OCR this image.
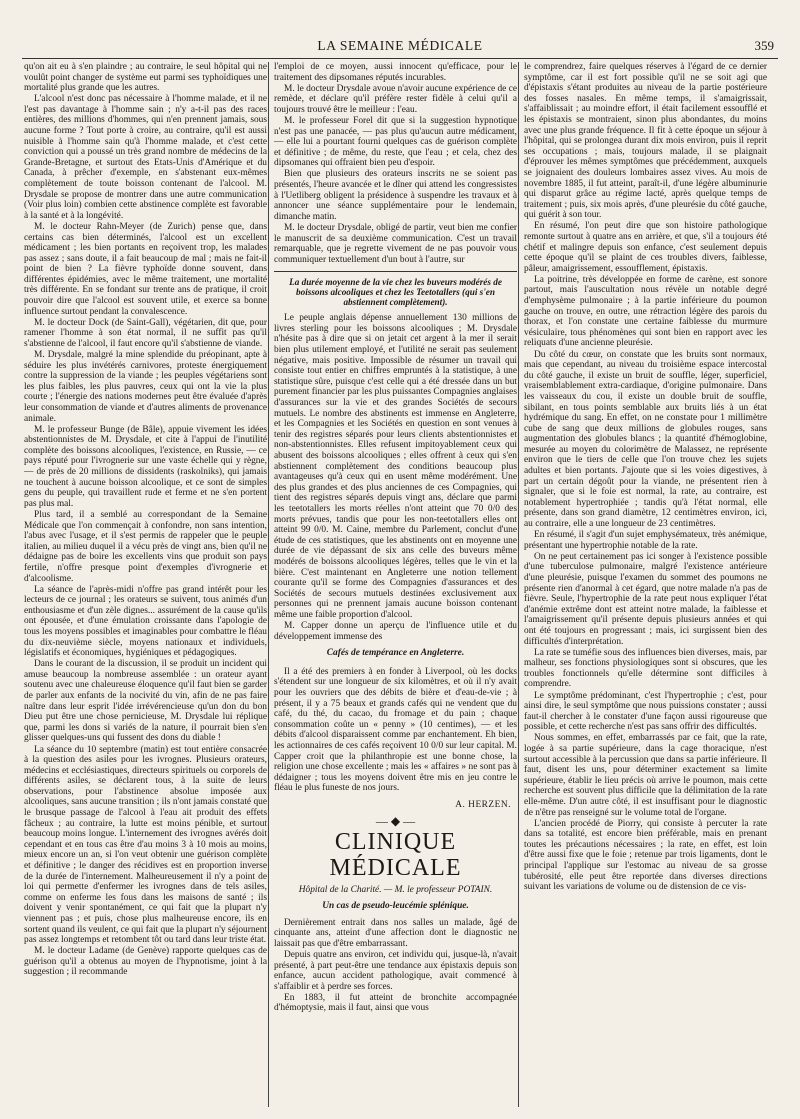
LA SEMAINE MÉDICALE	359

qu'on ait eu à s'en plaindre ; au contraire, le seul hôpital qui ne voulût point changer de système eut parmi ses typhoïdiques une mortalité plus grande que les autres.

L'alcool n'est donc pas nécessaire à l'homme malade, et il ne l'est pas davantage à l'homme sain ; n'y a-t-il pas des races entières, des millions d'hommes, qui n'en prennent jamais, sous aucune forme ? Tout porte à croire, au contraire, qu'il est aussi nuisible à l'homme sain qu'à l'homme malade, et c'est cette conviction qui a poussé un très grand nombre de médecins de la Grande-Bretagne, et surtout des Etats-Unis d'Amérique et du Canada, à prêcher d'exemple, en s'abstenant eux-mêmes complètement de toute boisson contenant de l'alcool. M. Drysdale se propose de montrer dans une autre communication (Voir plus loin) combien cette abstinence complète est favorable à la santé et à la longévité.

M. le docteur Rahn-Meyer (de Zurich) pense que, dans certains cas bien déterminés, l'alcool est un excellent médicament ; les bien portants en reçoivent trop, les malades pas assez ; sans doute, il a fait beaucoup de mal ; mais ne fait-il point de bien ? La fièvre typhoïde donne souvent, dans différentes épidémies, avec le même traitement, une mortalité très différente. En se fondant sur trente ans de pratique, il croit pouvoir dire que l'alcool est souvent utile, et exerce sa bonne influence surtout pendant la convalescence.

M. le docteur Dock (de Saint-Gall), végétarien, dit que, pour ramener l'homme à son état normal, il ne suffit pas qu'il s'abstienne de l'alcool, il faut encore qu'il s'abstienne de viande.

M. Drysdale, malgré la mine splendide du préopinant, apte à séduire les plus invétérés carnivores, proteste énergiquement contre la suppression de la viande ; les peuples végétariens sont les plus faibles, les plus pauvres, ceux qui ont la vie la plus courte ; l'énergie des nations modernes peut être évaluée d'après leur consommation de viande et d'autres aliments de provenance animale.

M. le professeur Bunge (de Bâle), appuie vivement les idées abstentionnistes de M. Drysdale, et cite à l'appui de l'inutilité complète des boissons alcooliques, l'existence, en Russie, — ce pays réputé pour l'ivrognerie sur une vaste échelle qui y règne, — de près de 20 millions de dissidents (raskolniks), qui jamais ne touchent à aucune boisson alcoolique, et ce sont de simples gens du peuple, qui travaillent rude et ferme et ne s'en portent pas plus mal.

Plus tard, il a semblé au correspondant de la Semaine Médicale que l'on commençait à confondre, non sans intention, l'abus avec l'usage, et il s'est permis de rappeler que le peuple italien, au milieu duquel il a vécu près de vingt ans, bien qu'il ne dédaigne pas de boire les excellents vins que produit son pays fertile, n'offre presque point d'exemples d'ivrognerie et d'alcoolisme.

La séance de l'après-midi n'offre pas grand intérêt pour les lecteurs de ce journal ; les orateurs se suivent, tous animés d'un enthousiasme et d'un zèle dignes... assurément de la cause qu'ils ont épousée, et d'une émulation croissante dans l'apologie de tous les moyens possibles et imaginables pour combattre le fléau du dix-neuvième siècle, moyens nationaux et individuels, législatifs et économiques, hygiéniques et pédagogiques.

Dans le courant de la discussion, il se produit un incident qui amuse beaucoup la nombreuse assemblée : un orateur ayant soutenu avec une chaleureuse éloquence qu'il faut bien se garder de parler aux enfants de la nocivité du vin, afin de ne pas faire naître dans leur esprit l'idée irrévérencieuse qu'un don du bon Dieu put être une chose pernicieuse, M. Drysdale lui réplique que, parmi les dons si variés de la nature, il pourrait bien s'en glisser quelques-uns qui fussent des dons du diable !

La séance du 10 septembre (matin) est tout entière consacrée à la question des asiles pour les ivrognes. Plusieurs orateurs, médecins et ecclésiastiques, directeurs spirituels ou corporels de différents asiles, se déclarent tous, à la suite de leurs observations, pour l'abstinence absolue imposée aux alcooliques, sans aucune transition ; ils n'ont jamais constaté que le brusque passage de l'alcool à l'eau ait produit des effets fâcheux ; au contraire, la lutte est moins pénible, et surtout beaucoup moins longue. L'internement des ivrognes avérés doit cependant et en tous cas être d'au moins 3 à 10 mois au moins, mieux encore un an, si l'on veut obtenir une guérison complète et définitive ; le danger des récidives est en proportion inverse de la durée de l'internement. Malheureusement il n'y a point de loi qui permette d'enfermer les ivrognes dans de tels asiles, comme on enferme les fous dans les maisons de santé ; ils doivent y venir spontanément, ce qui fait que la plupart n'y viennent pas ; et puis, chose plus malheureuse encore, ils en sortent quand ils veulent, ce qui fait que la plupart n'y séjournent pas assez longtemps et retombent tôt ou tard dans leur triste état.

M. le docteur Ladame (de Genève) rapporte quelques cas de guérison qu'il a obtenus au moyen de l'hypnotisme, joint à la suggestion ; il recommande

l'emploi de ce moyen, aussi innocent qu'efficace, pour le traitement des dipsomanes réputés incurables.

M. le docteur Drysdale avoue n'avoir aucune expérience de ce remède, et déclare qu'il préfère rester fidèle à celui qu'il a toujours trouvé être le meilleur : l'eau.

M. le professeur Forel dit que si la suggestion hypnotique n'est pas une panacée, — pas plus qu'aucun autre médicament, — elle lui a pourtant fourni quelques cas de guérison complète et définitive ; de même, du reste, que l'eau ; et cela, chez des dipsomanes qui offraient bien peu d'espoir.

Bien que plusieurs des orateurs inscrits ne se soient pas présentés, l'heure avancée et le dîner qui attend les congressistes à l'Uetliberg obligent la présidence à suspendre les travaux et à annoncer une séance supplémentaire pour le lendemain, dimanche matin.

M. le docteur Drysdale, obligé de partir, veut bien me confier le manuscrit de sa deuxième communication. C'est un travail remarquable, que je regrette vivement de ne pas pouvoir vous communiquer textuellement d'un bout à l'autre, sur

La durée moyenne de la vie chez les buveurs modérés de boissons alcooliques et chez les Teetotallers (qui s'en abstiennent complètement).

Le peuple anglais dépense annuellement 130 millions de livres sterling pour les boissons alcooliques ; M. Drysdale n'hésite pas à dire que si on jetait cet argent à la mer il serait bien plus utilement employé, et l'utilité ne serait pas seulement négative, mais positive. Impossible de résumer un travail qui consiste tout entier en chiffres empruntés à la statistique, à une statistique sûre, puisque c'est celle qui a été dressée dans un but purement financier par les plus puissantes Compagnies anglaises d'assurances sur la vie et des grandes Sociétés de secours mutuels. Le nombre des abstinents est immense en Angleterre, et les Compagnies et les Sociétés en question en sont venues à tenir des registres séparés pour leurs clients abstentionnistes et non-abstentionnistes. Elles refusent impitoyablement ceux qui abusent des boissons alcooliques ; elles offrent à ceux qui s'en abstiennent complètement des conditions beaucoup plus avantageuses qu'à ceux qui en usent même modérément. Une des plus grandes et des plus anciennes de ces Compagnies, qui tient des registres séparés depuis vingt ans, déclare que parmi les teetotallers les morts réelles n'ont atteint que 70 0/0 des morts prévues, tandis que pour les non-teetotallers elles ont atteint 99 0/0. M. Caine, membre du Parlement, conclut d'une étude de ces statistiques, que les abstinents ont en moyenne une durée de vie dépassant de six ans celle des buveurs même modérés de boissons alcooliques légères, telles que le vin et la bière. C'est maintenant en Angleterre une notion tellement courante qu'il se forme des Compagnies d'assurances et des Sociétés de secours mutuels destinées exclusivement aux personnes qui ne prennent jamais aucune boisson contenant même une faible proportion d'alcool.

M. Capper donne un aperçu de l'influence utile et du développement immense des

Cafés de tempérance en Angleterre.

Il a été des premiers à en fonder à Liverpool, où les docks s'étendent sur une longueur de six kilomètres, et où il n'y avait pour les ouvriers que des débits de bière et d'eau-de-vie ; à présent, il y a 75 beaux et grands cafés qui ne vendent que du café, du thé, du cacao, du fromage et du pain ; chaque consommation coûte un « penny » (10 centimes), — et les débits d'alcool disparaissent comme par enchantement. Eh bien, les actionnaires de ces cafés reçoivent 10 0/0 sur leur capital. M. Capper croit que la philanthropie est une bonne chose, la religion une chose excellente ; mais les « affaires » ne sont pas à dédaigner ; tous les moyens doivent être mis en jeu contre le fléau le plus funeste de nos jours.

A. HERZEN.
— ◆ —
CLINIQUE MÉDICALE
Hôpital de la Charité. — M. le professeur POTAIN.
Un cas de pseudo-leucémie splénique.

Dernièrement entrait dans nos salles un malade, âgé de cinquante ans, atteint d'une affection dont le diagnostic ne laissait pas que d'être embarrassant.

Depuis quatre ans environ, cet individu qui, jusque-là, n'avait présenté, à part peut-être une tendance aux épistaxis depuis son enfance, aucun accident pathologique, avait commencé à s'affaiblir et à perdre ses forces.

En 1883, il fut atteint de bronchite accompagnée d'hémoptysie, mais il faut, ainsi que vous

le comprendrez, faire quelques réserves à l'égard de ce dernier symptôme, car il est fort possible qu'il ne se soit agi que d'épistaxis s'étant produites au niveau de la partie postérieure des fosses nasales. En même temps, il s'amaigrissait, s'affaiblissait ; au moindre effort, il était facilement essoufflé et les épistaxis se montraient, sinon plus abondantes, du moins avec une plus grande fréquence. Il fit à cette époque un séjour à l'hôpital, qui se prolongea durant dix mois environ, puis il reprit ses occupations ; mais, toujours malade, il se plaignait d'éprouver les mêmes symptômes que précédemment, auxquels se joignaient des douleurs lombaires assez vives. Au mois de novembre 1885, il fut atteint, paraît-il, d'une légère albuminurie qui disparut grâce au régime lacté, après quelque temps de traitement ; puis, six mois après, d'une pleurésie du côté gauche, qui guérit à son tour.

En résumé, l'on peut dire que son histoire pathologique remonte surtout à quatre ans en arrière, et que, s'il a toujours été chétif et malingre depuis son enfance, c'est seulement depuis cette époque qu'il se plaint de ces troubles divers, faiblesse, pâleur, amaigrissement, essoufflement, épistaxis.

La poitrine, très développée en forme de carène, est sonore partout, mais l'auscultation nous révèle un notable degré d'emphysème pulmonaire ; à la partie inférieure du poumon gauche on trouve, en outre, une rétraction légère des parois du thorax, et l'on constate une certaine faiblesse du murmure vésiculaire, tous phénomènes qui sont bien en rapport avec les reliquats d'une ancienne pleurésie.

Du côté du cœur, on constate que les bruits sont normaux, mais que cependant, au niveau du troisième espace intercostal du côté gauche, il existe un bruit de souffle, léger, superficiel, vraisemblablement extra-cardiaque, d'origine pulmonaire. Dans les vaisseaux du cou, il existe un double bruit de souffle, sibilant, en tous points semblable aux bruits liés à un état hydrémique du sang. En effet, on ne constate pour 1 millimètre cube de sang que deux millions de globules rouges, sans augmentation des globules blancs ; la quantité d'hémoglobine, mesurée au moyen du colorimètre de Malassez, ne représente environ que le tiers de celle que l'on trouve chez les sujets adultes et bien portants. J'ajoute que si les voies digestives, à part un certain dégoût pour la viande, ne présentent rien à signaler, que si le foie est normal, la rate, au contraire, est notablement hypertrophiée ; tandis qu'à l'état normal, elle présente, dans son grand diamètre, 12 centimètres environ, ici, au contraire, elle a une longueur de 23 centimètres.

En résumé, il s'agit d'un sujet emphysémateux, très anémique, présentant une hypertrophie notable de la rate.

On ne peut certainement pas ici songer à l'existence possible d'une tuberculose pulmonaire, malgré l'existence antérieure d'une pleurésie, puisque l'examen du sommet des poumons ne présente rien d'anormal à cet égard, que notre malade n'a pas de fièvre. Seule, l'hypertrophie de la rate peut nous expliquer l'état d'anémie extrême dont est atteint notre malade, la faiblesse et l'amaigrissement qu'il présente depuis plusieurs années et qui ont été toujours en progressant ; mais, ici surgissent bien des difficultés d'interprétation.

La rate se tuméfie sous des influences bien diverses, mais, par malheur, ses fonctions physiologiques sont si obscures, que les troubles fonctionnels qu'elle détermine sont difficiles à comprendre.

Le symptôme prédominant, c'est l'hypertrophie ; c'est, pour ainsi dire, le seul symptôme que nous puissions constater ; aussi faut-il chercher à le constater d'une façon aussi rigoureuse que possible, et cette recherche n'est pas sans offrir des difficultés.

Nous sommes, en effet, embarrassés par ce fait, que la rate, logée à sa partie supérieure, dans la cage thoracique, n'est surtout accessible à la percussion que dans sa partie inférieure. Il faut, disent les uns, pour déterminer exactement sa limite supérieure, établir le lieu précis où arrive le poumon, mais cette recherche est souvent plus difficile que la délimitation de la rate elle-même. D'un autre côté, il est insuffisant pour le diagnostic de n'être pas renseigné sur le volume total de l'organe.

L'ancien procédé de Piorry, qui consiste à percuter la rate dans sa totalité, est encore bien préférable, mais en prenant toutes les précautions nécessaires ; la rate, en effet, est loin d'être aussi fixe que le foie ; retenue par trois ligaments, dont le principal l'applique sur l'estomac au niveau de sa grosse tubérosité, elle peut être reportée dans diverses directions suivant les variations de volume ou de distension de ce vis-
